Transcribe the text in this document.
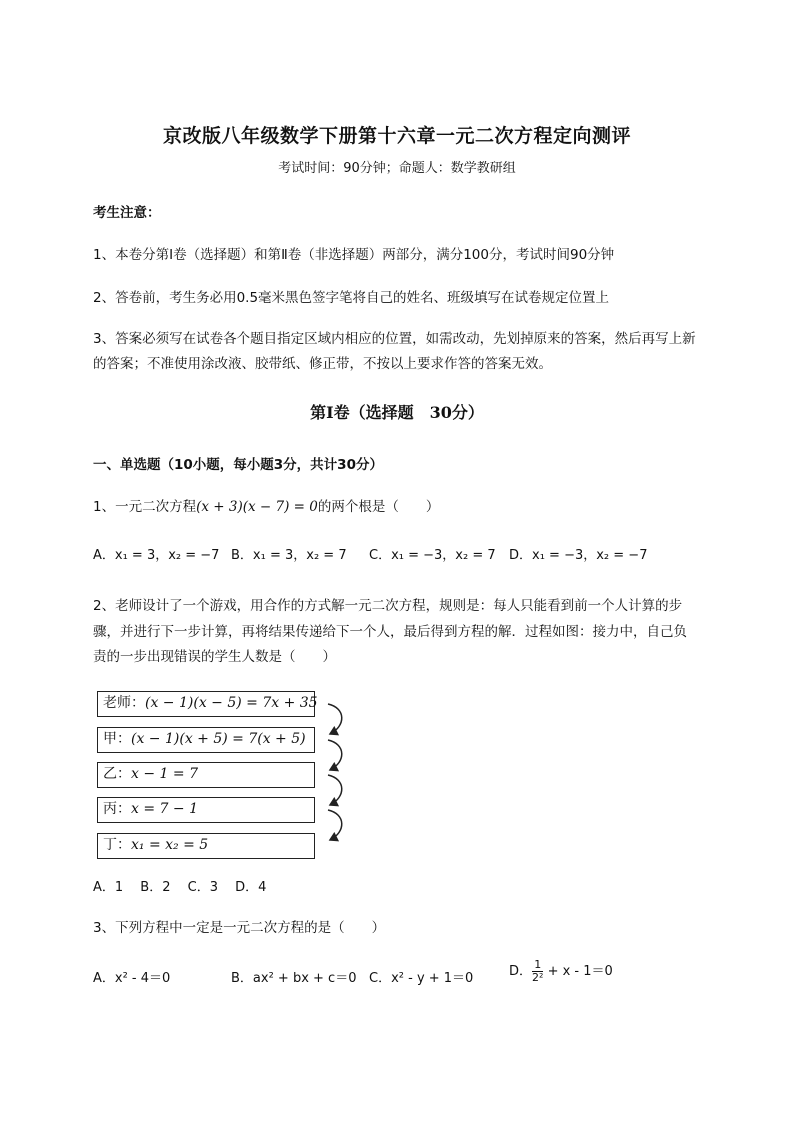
京改版八年级数学下册第十六章一元二次方程定向测评
考试时间：90分钟；命题人：数学教研组
考生注意：
1、本卷分第I卷（选择题）和第Ⅱ卷（非选择题）两部分，满分100分，考试时间90分钟
2、答卷前，考生务必用0.5毫米黑色签字笔将自己的姓名、班级填写在试卷规定位置上
3、答案必须写在试卷各个题目指定区域内相应的位置，如需改动，先划掉原来的答案，然后再写上新
的答案；不准使用涂改液、胶带纸、修正带，不按以上要求作答的答案无效。
第I卷（选择题　30分）
一、单选题（10小题，每小题3分，共计30分）
1、一元二次方程(x + 3)(x − 7) = 0的两个根是（　　）
A．x₁ = 3，x₂ = −7 B．x₁ = 3，x₂ = 7 C．x₁ = −3，x₂ = 7 D．x₁ = −3，x₂ = −7
2、老师设计了一个游戏，用合作的方式解一元二次方程，规则是：每人只能看到前一个人计算的步
骤，并进行下一步计算，再将结果传递给下一个人，最后得到方程的解．过程如图：接力中，自己负
责的一步出现错误的学生人数是（　　）
老师：(x − 1)(x − 5) = 7x + 35
甲：(x − 1)(x + 5) = 7(x + 5)
乙：x − 1 = 7
丙：x = 7 − 1
丁：x₁ = x₂ = 5
A．1　 B．2　 C．3　 D．4
3、下列方程中一定是一元二次方程的是（　　）
A．x² - 4＝0	B．ax² + bx + c＝0 C．x² - y + 1＝0	D． $\frac{1}{\text{2²}} + x - 1=0$
